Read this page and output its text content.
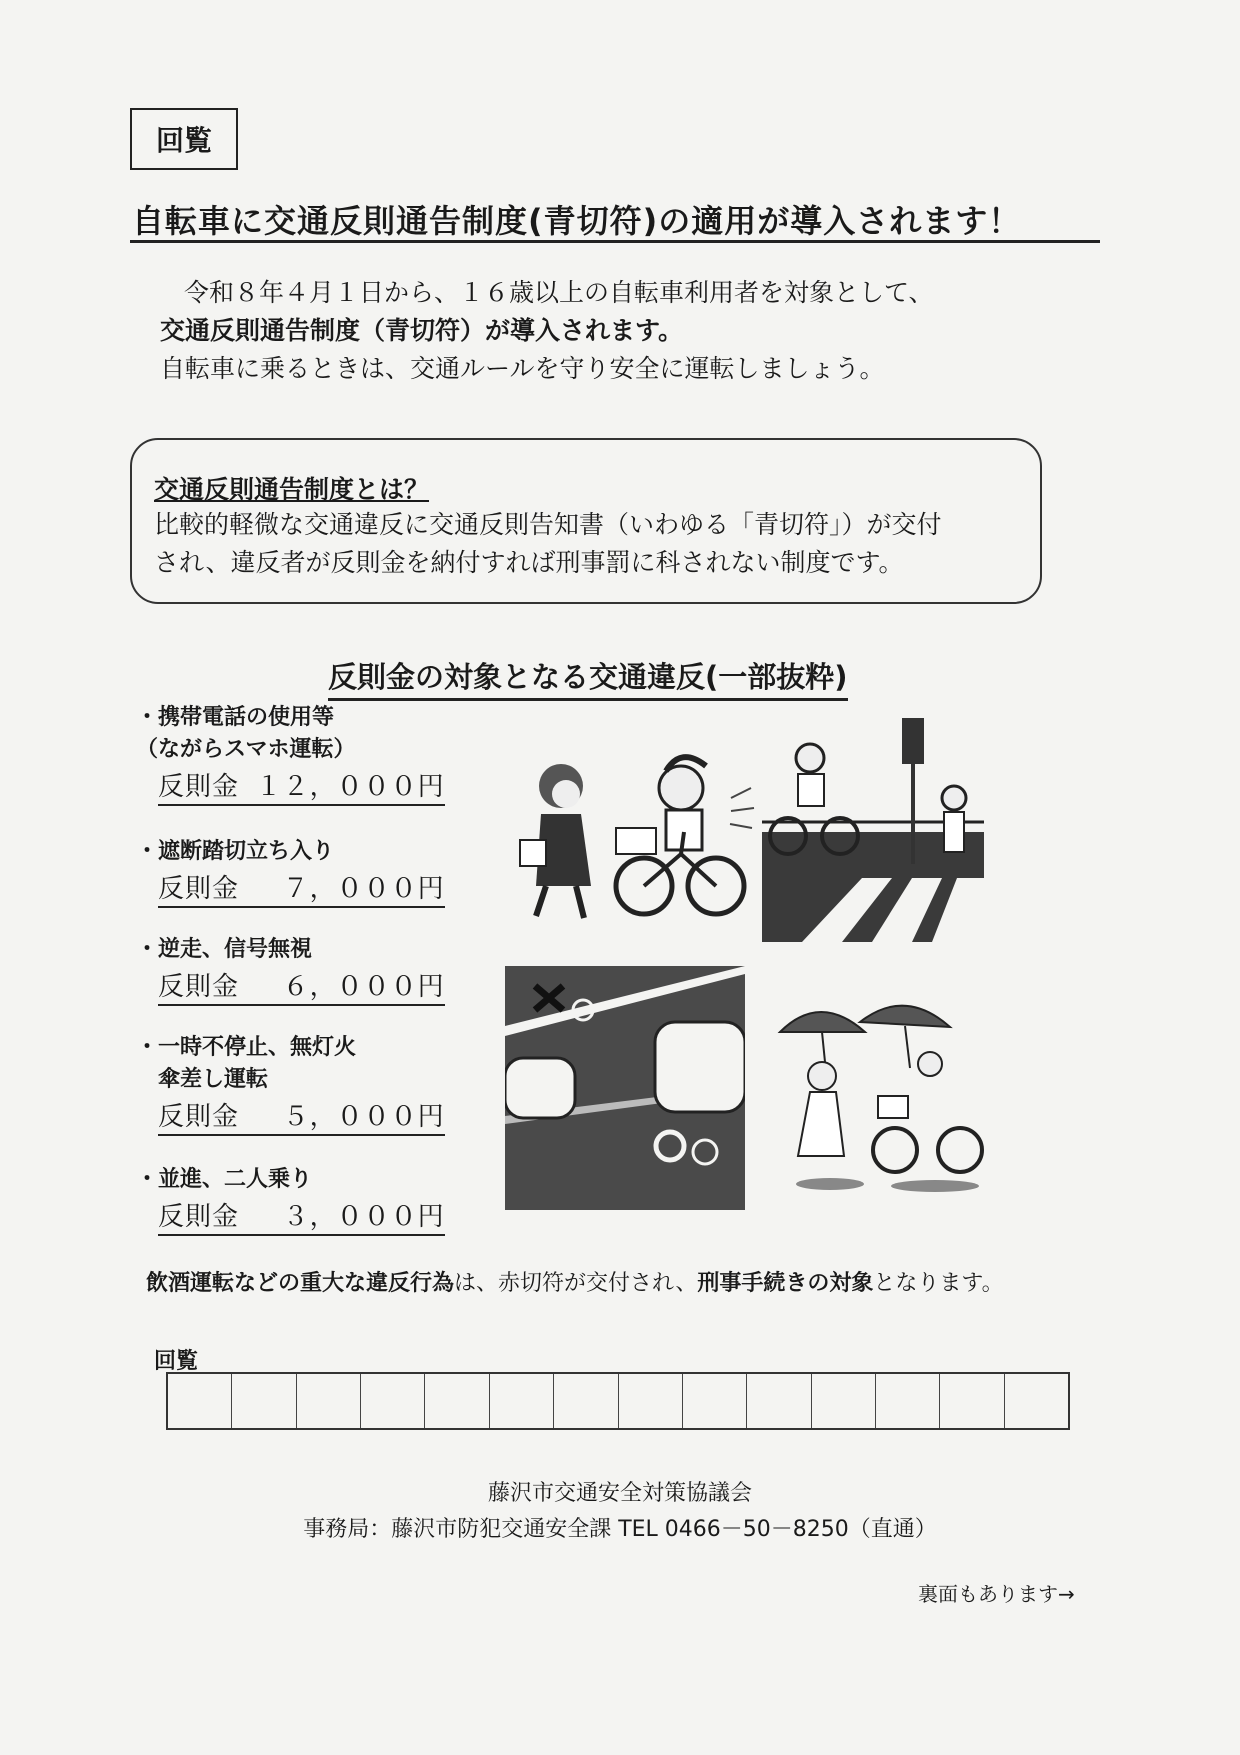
回覧
自転車に交通反則通告制度(青切符)の適用が導入されます！

令和８年４月１日から、１６歳以上の自転車利用者を対象として、

交通反則通告制度（青切符）が導入されます。

自転車に乗るときは、交通ルールを守り安全に運転しましょう。

交通反則通告制度とは？

比較的軽微な交通違反に交通反則告知書（いわゆる「青切符」）が交付

され、違反者が反則金を納付すれば刑事罰に科されない制度です。

反則金の対象となる交通違反(一部抜粋)
・携帯電話の使用等
（ながらスマホ運転）
反則金 １２，０００円
・遮断踏切立ち入り
反則金　 ７，０００円
・逆走、信号無視
反則金　 ６，０００円
・一時不停止、無灯火
　傘差し運転
反則金　 ５，０００円
・並進、二人乗り
反則金　 ３，０００円
飲酒運転などの重大な違反行為は、赤切符が交付され、刑事手続きの対象となります。
回覧
藤沢市交通安全対策協議会
事務局：藤沢市防犯交通安全課 TEL 0466－50－8250（直通）
裏面もあります→
